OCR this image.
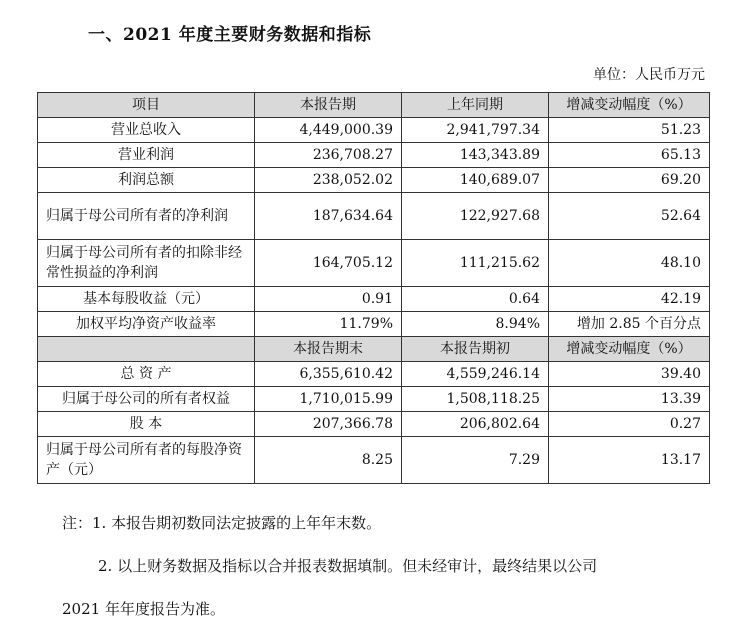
一、2021 年度主要财务数据和指标
单位：人民币万元
项目	本报告期	上年同期	增减变动幅度（%）
营业总收入	4,449,000.39	2,941,797.34	51.23
营业利润	236,708.27	143,343.89	65.13
利润总额	238,052.02	140,689.07	69.20
归属于母公司所有者的净利润	187,634.64	122,927.68	52.64
归属于母公司所有者的扣除非经常性损益的净利润	164,705.12	111,215.62	48.10
基本每股收益（元）	0.91	0.64	42.19
加权平均净资产收益率	11.79%	8.94%	增加 2.85 个百分点
	本报告期末	本报告期初	增减变动幅度（%）
总 资 产	6,355,610.42	4,559,246.14	39.40
归属于母公司的所有者权益	1,710,015.99	1,508,118.25	13.39
股 本	207,366.78	206,802.64	0.27
归属于母公司所有者的每股净资产（元）	8.25	7.29	13.17
注：1. 本报告期初数同法定披露的上年年末数。
2. 以上财务数据及指标以合并报表数据填制。但未经审计，最终结果以公司
2021 年年度报告为准。
